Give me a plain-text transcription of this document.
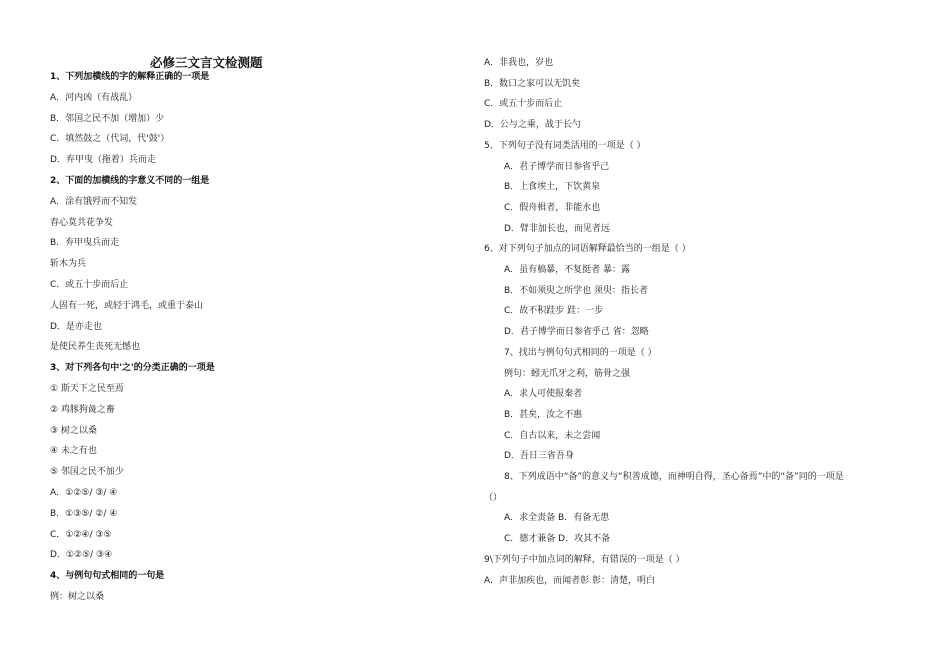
必修三文言文检测题
1、下列加横线的字的解释正确的一项是
A．河内凶（有战乱）
B．邻国之民不加（增加）少
C．填然鼓之（代词，代'鼓'）
D．弃甲曳（拖着）兵而走
2、下面的加横线的字意义不同的一组是
A．涂有饿殍而不知发
春心莫共花争发
B．弃甲曳兵而走
斩木为兵
C．或五十步而后止
人固有一死，或轻于鸿毛，或重于泰山
D．是亦走也
是使民养生丧死无憾也
3、对下列各句中'之'的分类正确的一项是
① 斯天下之民至焉
② 鸡豚狗彘之畜
③ 树之以桑
④ 未之有也
⑤ 邻国之民不加少
A．①②⑤/ ③/ ④
B．①③⑤/ ②/ ④
C．①②④/ ③⑤
D．①②⑤/ ③④
4、与例句句式相同的一句是
例：树之以桑
A．非我也，岁也
B．数口之家可以无饥矣
C．或五十步而后止
D．公与之乘，战于长勺
5、下列句子没有词类活用的一项是（ ）
A．君子博学而日参省乎己
B．上食埃土，下饮黄泉
C．假舟楫者，非能水也
D．臂非加长也，而见者远
6、对下列句子加点的词语解释最恰当的一组是（ ）
A．虽有槁暴，不复挺者 暴：露
B．不如须臾之所学也 须臾：指长者
C．故不积跬步 跬：一步
D．君子博学而日参省乎己 省：忽略
7、找出与例句句式相同的一项是（ ）
例句：蚓无爪牙之利，筋骨之强
A．求人可使报秦者
B．甚矣，汝之不惠
C．自古以来，未之尝闻
D．吾日三省吾身
8、下列成语中“备”的意义与“积善成德，而神明自得，圣心备焉”中的“备”同的一项是
（）
A．求全责备 B．有备无患
C．德才兼备 D．攻其不备
9\下列句子中加点词的解释，有错误的一项是（ ）
A．声非加疾也，而闻者彰 彰：清楚，明白
